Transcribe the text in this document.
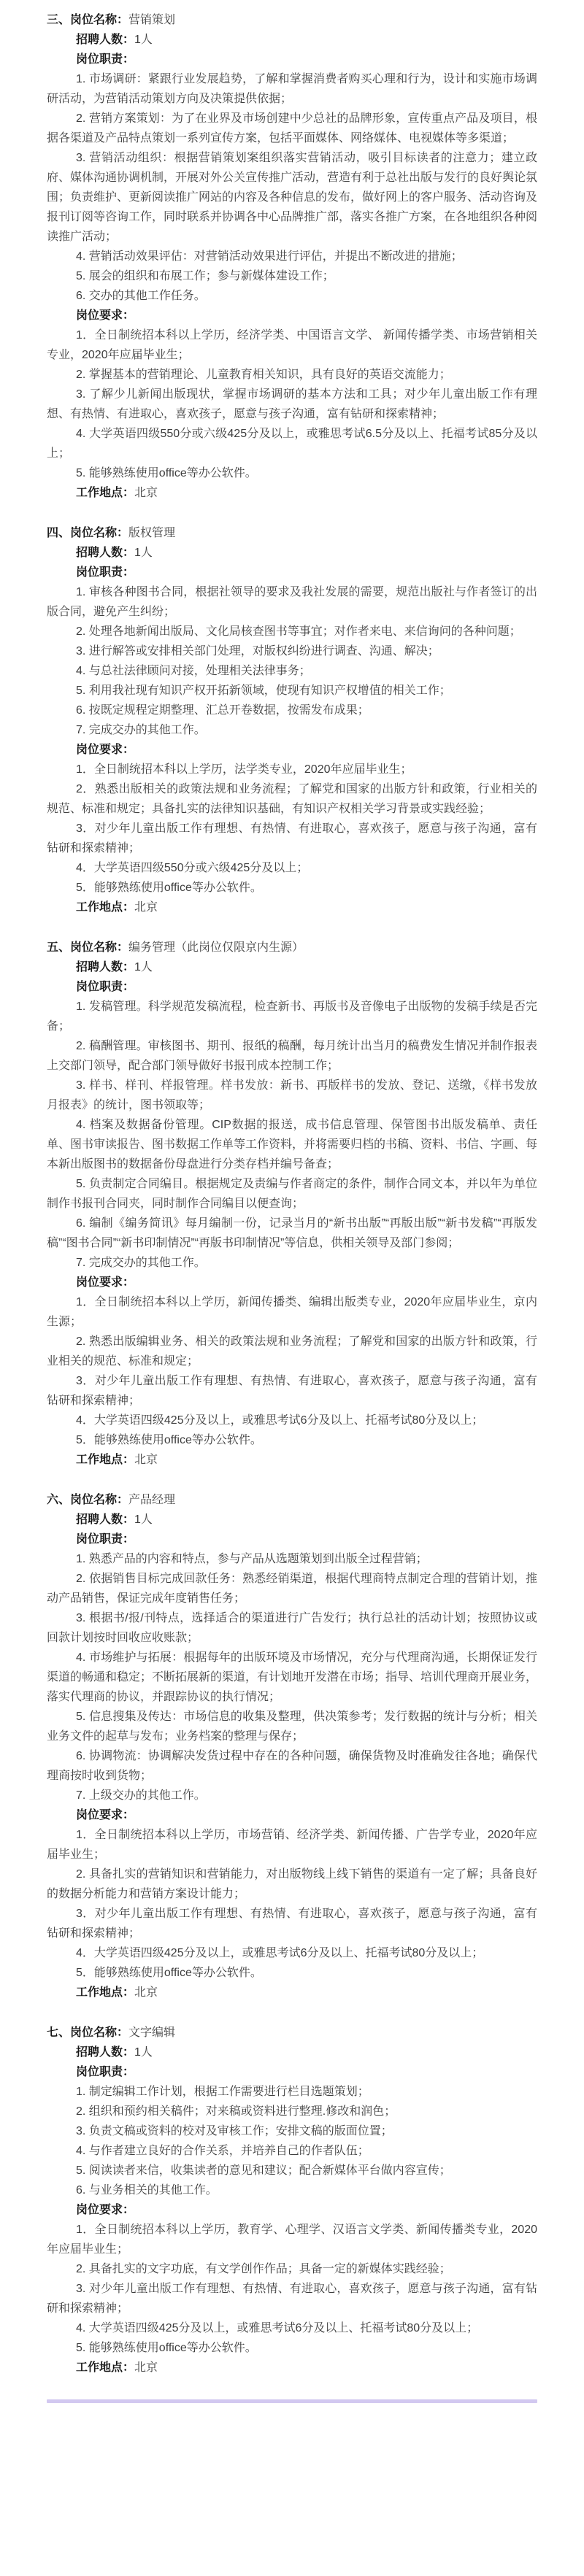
三、岗位名称：营销策划

招聘人数：1人

岗位职责：

1. 市场调研：紧跟行业发展趋势，了解和掌握消费者购买心理和行为，设计和实施市场调研活动，为营销活动策划方向及决策提供依据；

2. 营销方案策划：为了在业界及市场创建中少总社的品牌形象，宣传重点产品及项目，根据各渠道及产品特点策划一系列宣传方案，包括平面媒体、网络媒体、电视媒体等多渠道；

3. 营销活动组织：根据营销策划案组织落实营销活动，吸引目标读者的注意力；建立政府、媒体沟通协调机制，开展对外公关宣传推广活动，营造有利于总社出版与发行的良好舆论氛围；负责维护、更新阅读推广网站的内容及各种信息的发布，做好网上的客户服务、活动咨询及报刊订阅等咨询工作，同时联系并协调各中心品牌推广部，落实各推广方案，在各地组织各种阅读推广活动；

4. 营销活动效果评估：对营销活动效果进行评估，并提出不断改进的措施；

5. 展会的组织和布展工作；参与新媒体建设工作；

6. 交办的其他工作任务。

岗位要求：

1．全日制统招本科以上学历，经济学类、中国语言文学、 新闻传播学类、市场营销相关专业，2020年应届毕业生；

2. 掌握基本的营销理论、儿童教育相关知识，具有良好的英语交流能力；

3. 了解少儿新闻出版现状，掌握市场调研的基本方法和工具；对少年儿童出版工作有理想、有热情、有进取心，喜欢孩子，愿意与孩子沟通，富有钻研和探索精神；

4. 大学英语四级550分或六级425分及以上，或雅思考试6.5分及以上、托福考试85分及以上；

5. 能够熟练使用office等办公软件。

工作地点：北京

四、岗位名称：版权管理

招聘人数：1人

岗位职责：

1. 审核各种图书合同，根据社领导的要求及我社发展的需要，规范出版社与作者签订的出版合同，避免产生纠纷；

2. 处理各地新闻出版局、文化局核查图书等事宜；对作者来电、来信询问的各种问题；

3. 进行解答或安排相关部门处理，对版权纠纷进行调查、沟通、解决；

4. 与总社法律顾问对接，处理相关法律事务；

5. 利用我社现有知识产权开拓新领域，使现有知识产权增值的相关工作；

6. 按既定规程定期整理、汇总开卷数据，按需发布成果；

7. 完成交办的其他工作。

岗位要求：

1．全日制统招本科以上学历，法学类专业，2020年应届毕业生；

2．熟悉出版相关的政策法规和业务流程；了解党和国家的出版方针和政策，行业相关的规范、标准和规定；具备扎实的法律知识基础，有知识产权相关学习背景或实践经验；

3．对少年儿童出版工作有理想、有热情、有进取心，喜欢孩子，愿意与孩子沟通，富有钻研和探索精神；

4．大学英语四级550分或六级425分及以上；

5．能够熟练使用office等办公软件。

工作地点：北京

五、岗位名称：编务管理（此岗位仅限京内生源）

招聘人数：1人

岗位职责：

1. 发稿管理。科学规范发稿流程，检查新书、再版书及音像电子出版物的发稿手续是否完备；

2. 稿酬管理。审核图书、期刊、报纸的稿酬，每月统计出当月的稿费发生情况并制作报表上交部门领导，配合部门领导做好书报刊成本控制工作；

3. 样书、样刊、样报管理。样书发放：新书、再版样书的发放、登记、送缴，《样书发放月报表》的统计，图书领取等；

4. 档案及数据备份管理。CIP数据的报送，成书信息管理、保管图书出版发稿单、责任单、图书审读报告、图书数据工作单等工作资料，并将需要归档的书稿、资料、书信、字画、每本新出版图书的数据备份母盘进行分类存档并编号备查；

5. 负责制定合同编目。根据规定及责编与作者商定的条件，制作合同文本，并以年为单位制作书报刊合同夹，同时制作合同编目以便查询；

6. 编制《编务简讯》每月编制一份，记录当月的“新书出版”“再版出版”“新书发稿”“再版发稿”“图书合同”“新书印制情况”“再版书印制情况”等信息，供相关领导及部门参阅；

7. 完成交办的其他工作。

岗位要求：

1．全日制统招本科以上学历，新闻传播类、编辑出版类专业，2020年应届毕业生，京内生源；

2. 熟悉出版编辑业务、相关的政策法规和业务流程；了解党和国家的出版方针和政策，行业相关的规范、标准和规定；

3．对少年儿童出版工作有理想、有热情、有进取心，喜欢孩子，愿意与孩子沟通，富有钻研和探索精神；

4．大学英语四级425分及以上，或雅思考试6分及以上、托福考试80分及以上；

5．能够熟练使用office等办公软件。

工作地点：北京

六、岗位名称：产品经理

招聘人数：1人

岗位职责：

1. 熟悉产品的内容和特点，参与产品从选题策划到出版全过程营销；

2. 依据销售目标完成回款任务：熟悉经销渠道，根据代理商特点制定合理的营销计划，推动产品销售，保证完成年度销售任务；

3. 根据书/报/刊特点，选择适合的渠道进行广告发行；执行总社的活动计划；按照协议或回款计划按时回收应收账款；

4. 市场维护与拓展：根据每年的出版环境及市场情况，充分与代理商沟通，长期保证发行渠道的畅通和稳定；不断拓展新的渠道，有计划地开发潜在市场；指导、培训代理商开展业务，落实代理商的协议，并跟踪协议的执行情况；

5. 信息搜集及传达：市场信息的收集及整理，供决策参考；发行数据的统计与分析；相关业务文件的起草与发布；业务档案的整理与保存；

6. 协调物流：协调解决发货过程中存在的各种问题，确保货物及时准确发往各地；确保代理商按时收到货物；

7. 上级交办的其他工作。

岗位要求：

1．全日制统招本科以上学历，市场营销、经济学类、新闻传播、广告学专业，2020年应届毕业生；

2. 具备扎实的营销知识和营销能力，对出版物线上线下销售的渠道有一定了解；具备良好的数据分析能力和营销方案设计能力；

3．对少年儿童出版工作有理想、有热情、有进取心，喜欢孩子，愿意与孩子沟通，富有钻研和探索精神；

4．大学英语四级425分及以上，或雅思考试6分及以上、托福考试80分及以上；

5．能够熟练使用office等办公软件。

工作地点：北京

七、岗位名称：文字编辑

招聘人数：1人

岗位职责：

1. 制定编辑工作计划，根据工作需要进行栏目选题策划；

2. 组织和预约相关稿件；对来稿或资料进行整理.修改和润色；

3. 负责文稿或资料的校对及审核工作；安排文稿的版面位置；

4. 与作者建立良好的合作关系，并培养自己的作者队伍；

5. 阅读读者来信，收集读者的意见和建议；配合新媒体平台做内容宣传；

6. 与业务相关的其他工作。

岗位要求：

1．全日制统招本科以上学历，教育学、心理学、汉语言文学类、新闻传播类专业，2020年应届毕业生；

2. 具备扎实的文字功底，有文学创作作品；具备一定的新媒体实践经验；

3. 对少年儿童出版工作有理想、有热情、有进取心，喜欢孩子，愿意与孩子沟通，富有钻研和探索精神；

4. 大学英语四级425分及以上，或雅思考试6分及以上、托福考试80分及以上；

5. 能够熟练使用office等办公软件。

工作地点：北京
